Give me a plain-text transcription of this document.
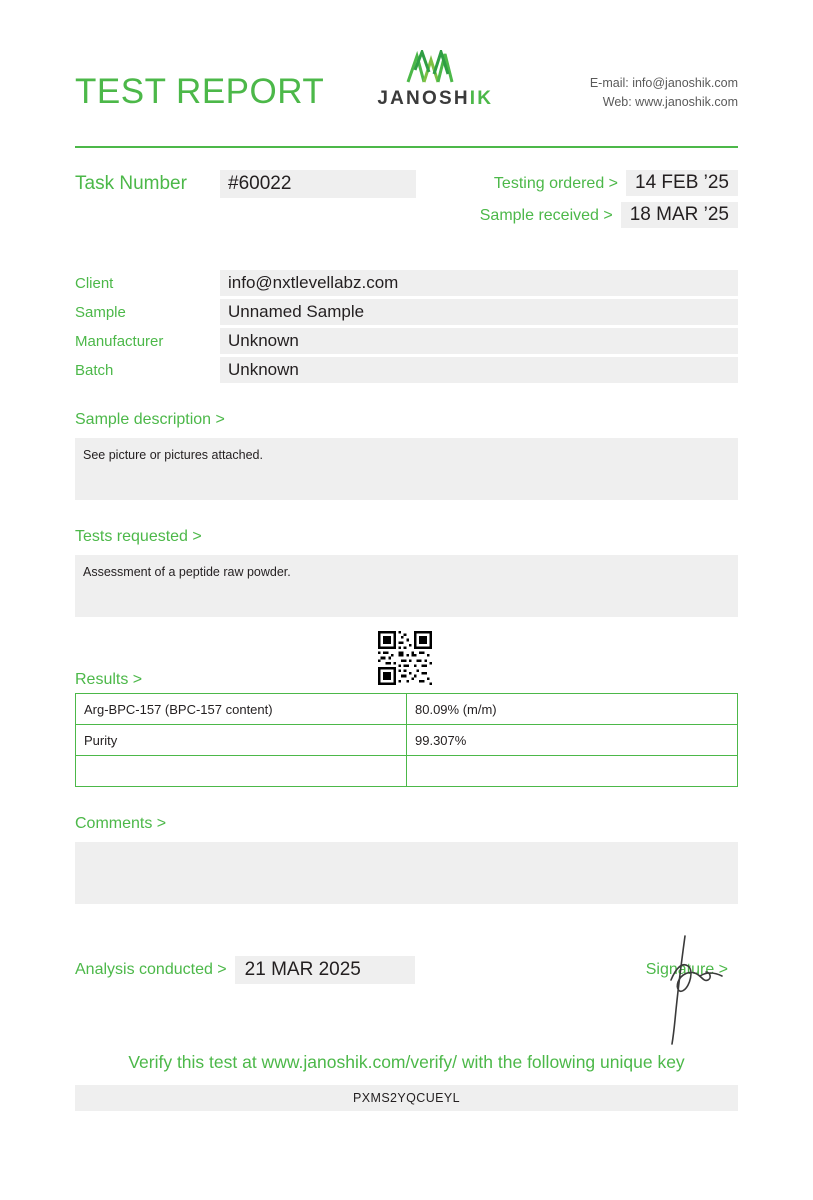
TEST REPORT	JANOSHIK
E-mail: info@janoshik.com
Web: www.janoshik.com
Task Number	#60022	Testing ordered > 14 FEB ’25
Sample received > 18 MAR ’25
Client	info@nxtlevellabz.com
Sample	Unnamed Sample
Manufacturer	Unknown
Batch	Unknown
Sample description >
See picture or pictures attached.
Tests requested >
Assessment of a peptide raw powder.
Results >
Arg-BPC-157 (BPC-157 content)	80.09% (m/m)
Purity	99.307%

Comments >
Analysis conducted > 21 MAR 2025	Signature >
Verify this test at www.janoshik.com/verify/ with the following unique key
PXMS2YQCUEYL
